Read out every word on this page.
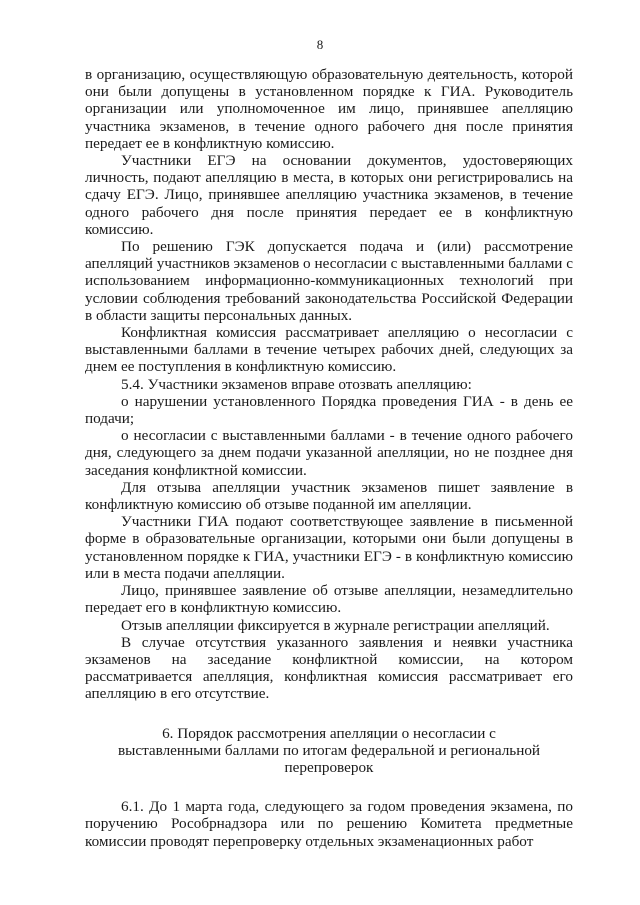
8

в организацию, осуществляющую образовательную деятельность, которой они были допущены в установленном порядке к ГИА. Руководитель организации или уполномоченное им лицо, принявшее апелляцию участника экзаменов, в течение одного рабочего дня после принятия передает ее в конфликтную комиссию.

Участники ЕГЭ на основании документов, удостоверяющих личность, подают апелляцию в места, в которых они регистрировались на сдачу ЕГЭ. Лицо, принявшее апелляцию участника экзаменов, в течение одного рабочего дня после принятия передает ее в конфликтную комиссию.

По решению ГЭК допускается подача и (или) рассмотрение апелляций участников экзаменов о несогласии с выставленными баллами с использованием информационно-коммуникационных технологий при условии соблюдения требований законодательства Российской Федерации в области защиты персональных данных.

Конфликтная комиссия рассматривает апелляцию о несогласии с выставленными баллами в течение четырех рабочих дней, следующих за днем ее поступления в конфликтную комиссию.

5.4. Участники экзаменов вправе отозвать апелляцию:

о нарушении установленного Порядка проведения ГИА - в день ее подачи;

о несогласии с выставленными баллами - в течение одного рабочего дня, следующего за днем подачи указанной апелляции, но не позднее дня заседания конфликтной комиссии.

Для отзыва апелляции участник экзаменов пишет заявление в конфликтную комиссию об отзыве поданной им апелляции.

Участники ГИА подают соответствующее заявление в письменной форме в образовательные организации, которыми они были допущены в установленном порядке к ГИА, участники ЕГЭ - в конфликтную комиссию или в места подачи апелляции.

Лицо, принявшее заявление об отзыве апелляции, незамедлительно передает его в конфликтную комиссию.

Отзыв апелляции фиксируется в журнале регистрации апелляций.

В случае отсутствия указанного заявления и неявки участника экзаменов на заседание конфликтной комиссии, на котором рассматривается апелляция, конфликтная комиссия рассматривает его апелляцию в его отсутствие.

6. Порядок рассмотрения апелляции о несогласии с выставленными баллами по итогам федеральной и региональной перепроверок

6.1. До 1 марта года, следующего за годом проведения экзамена, по поручению Рособрнадзора или по решению Комитета предметные комиссии проводят перепроверку отдельных экзаменационных работ
